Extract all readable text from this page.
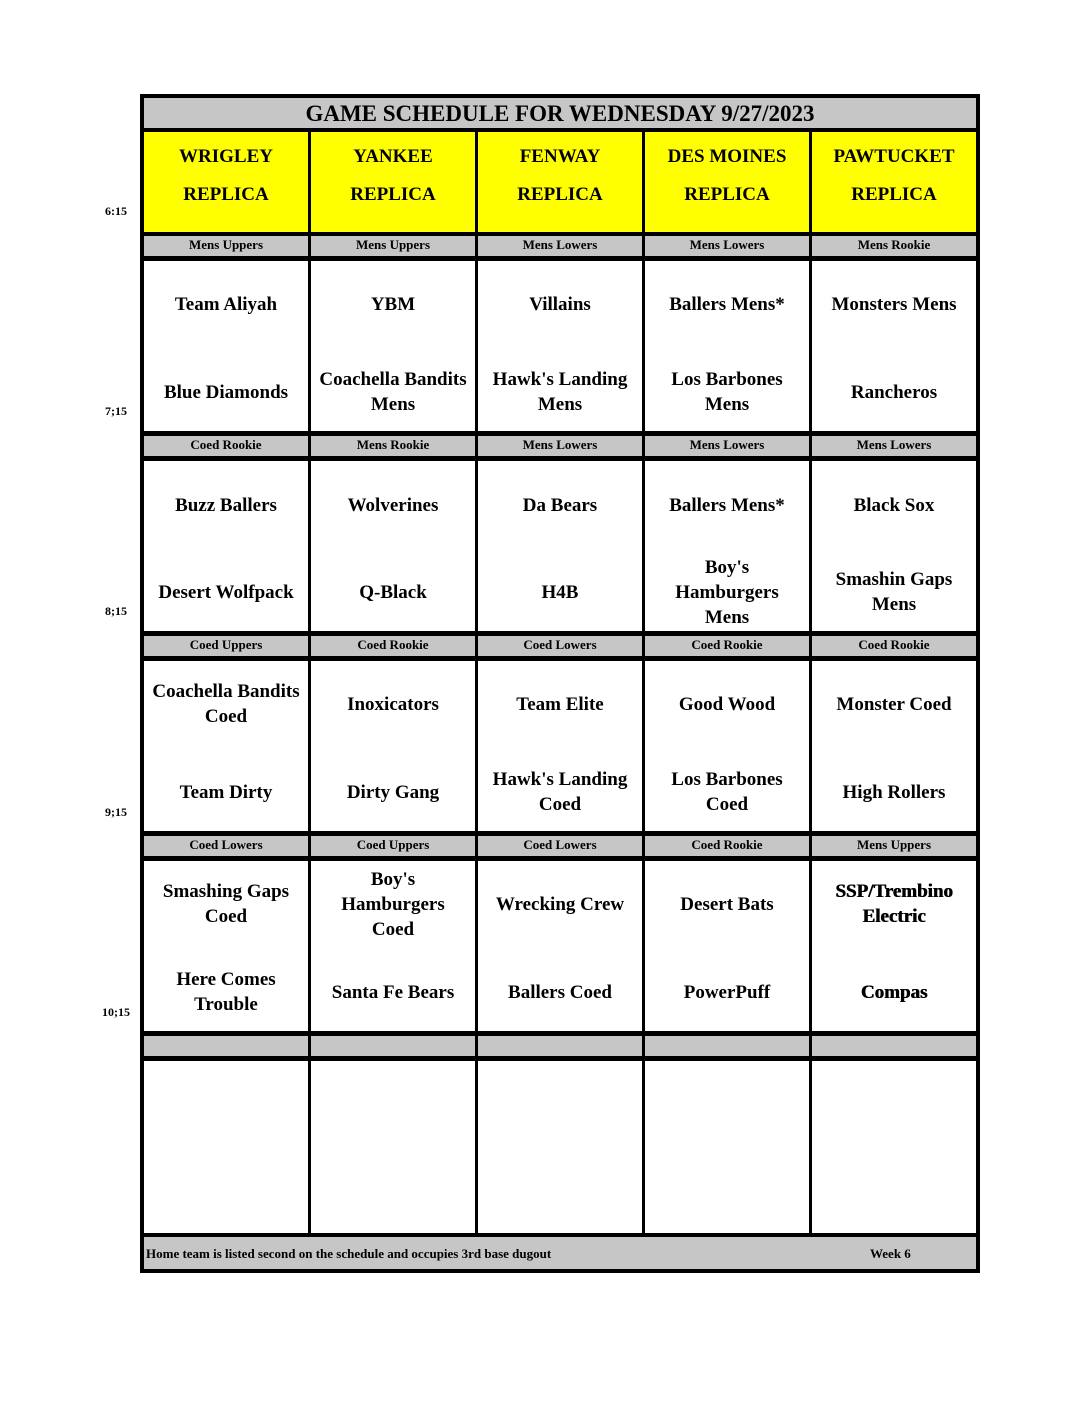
GAME SCHEDULE FOR WEDNESDAY 9/27/2023
Home team is listed second on the schedule and occupies 3rd base dugout	Week 6
WRIGLEY
REPLICA
YANKEE
REPLICA
FENWAY
REPLICA
DES MOINES
REPLICA
PAWTUCKET
REPLICA
Mens Uppers
Team Aliyah
Blue Diamonds
Mens Uppers
YBM
Coachella Bandits
Mens
Mens Lowers
Villains
Hawk's Landing
Mens
Mens Lowers
Ballers Mens*
Los Barbones
Mens
Mens Rookie
Monsters Mens
Rancheros
Coed Rookie
Buzz Ballers
Desert Wolfpack
Mens Rookie
Wolverines
Q-Black
Mens Lowers
Da Bears
H4B
Mens Lowers
Ballers Mens*
Boy's
Hamburgers
Mens
Mens Lowers
Black Sox
Smashin Gaps
Mens
Coed Uppers
Coachella Bandits
Coed
Team Dirty
Coed Rookie
Inoxicators
Dirty Gang
Coed Lowers
Team Elite
Hawk's Landing
Coed
Coed Rookie
Good Wood
Los Barbones
Coed
Coed Rookie
Monster Coed
High Rollers
Coed Lowers
Smashing Gaps
Coed
Here Comes
Trouble
Coed Uppers
Boy's
Hamburgers
Coed
Santa Fe Bears
Coed Lowers
Wrecking Crew
Ballers Coed
Coed Rookie
Desert Bats
PowerPuff
Mens Uppers
SSP/Trembino
Electric
Compas
6:15
7;15
8;15
9;15
10;15
